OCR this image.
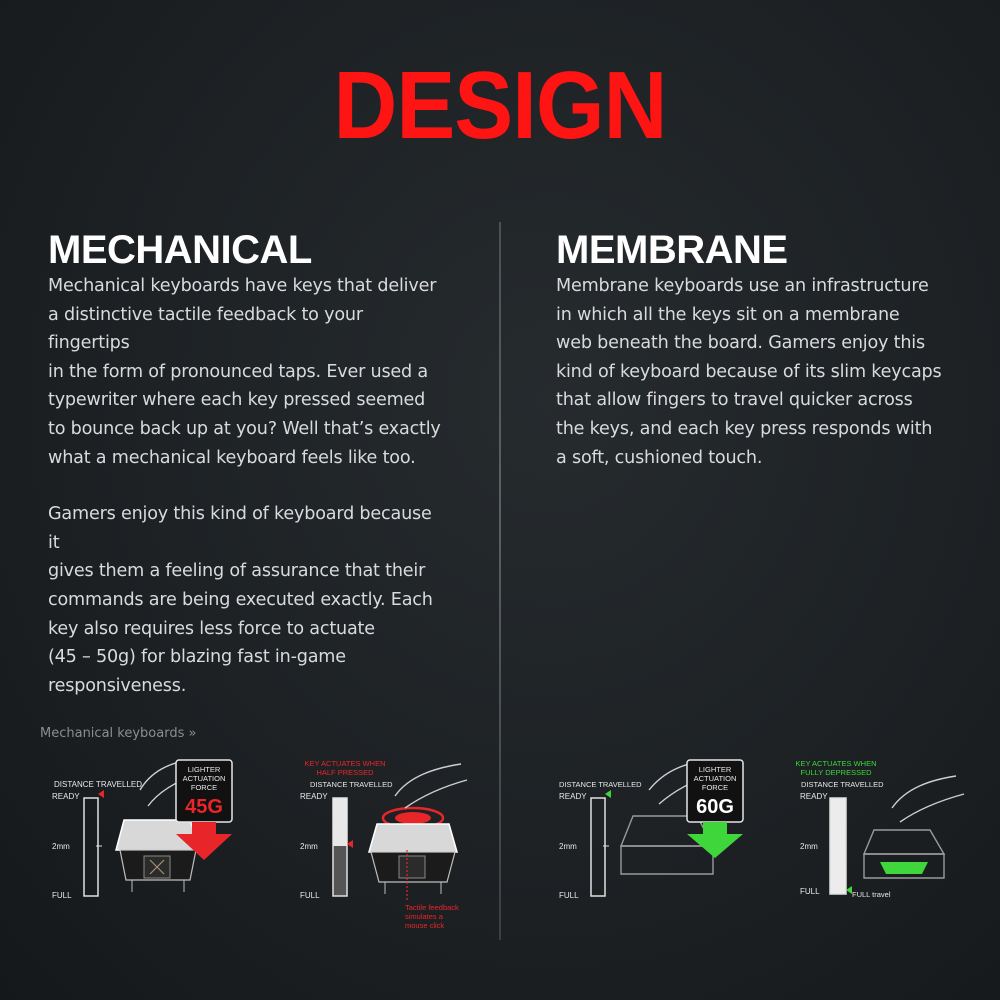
DESIGN
MECHANICAL

Mechanical keyboards have keys that deliver
a distinctive tactile feedback to your fingertips
in the form of pronounced taps. Ever used a
typewriter where each key pressed seemed
to bounce back up at you? Well that’s exactly
what a mechanical keyboard feels like too.

Gamers enjoy this kind of keyboard because it
gives them a feeling of assurance that their
commands are being executed exactly. Each
key also requires less force to actuate
(45 – 50g) for blazing fast in-game
responsiveness.

MEMBRANE

Membrane keyboards use an infrastructure
in which all the keys sit on a membrane
web beneath the board. Gamers enjoy this
kind of keyboard because of its slim keycaps
that allow fingers to travel quicker across
the keys, and each key press responds with
a soft, cushioned touch.

Mechanical keyboards »
DISTANCE TRAVELLED
READY
2mm
FULL
LIGHTER
ACTUATION
FORCE
45G
KEY ACTUATES WHEN
HALF PRESSED
DISTANCE TRAVELLED
READY
2mm
FULL
Tactile feedback
simulates a
mouse click
DISTANCE TRAVELLED
READY
2mm
FULL
LIGHTER
ACTUATION
FORCE
60G
KEY ACTUATES WHEN
FULLY DEPRESSED
DISTANCE TRAVELLED
READY
2mm
FULL	FULL travel
